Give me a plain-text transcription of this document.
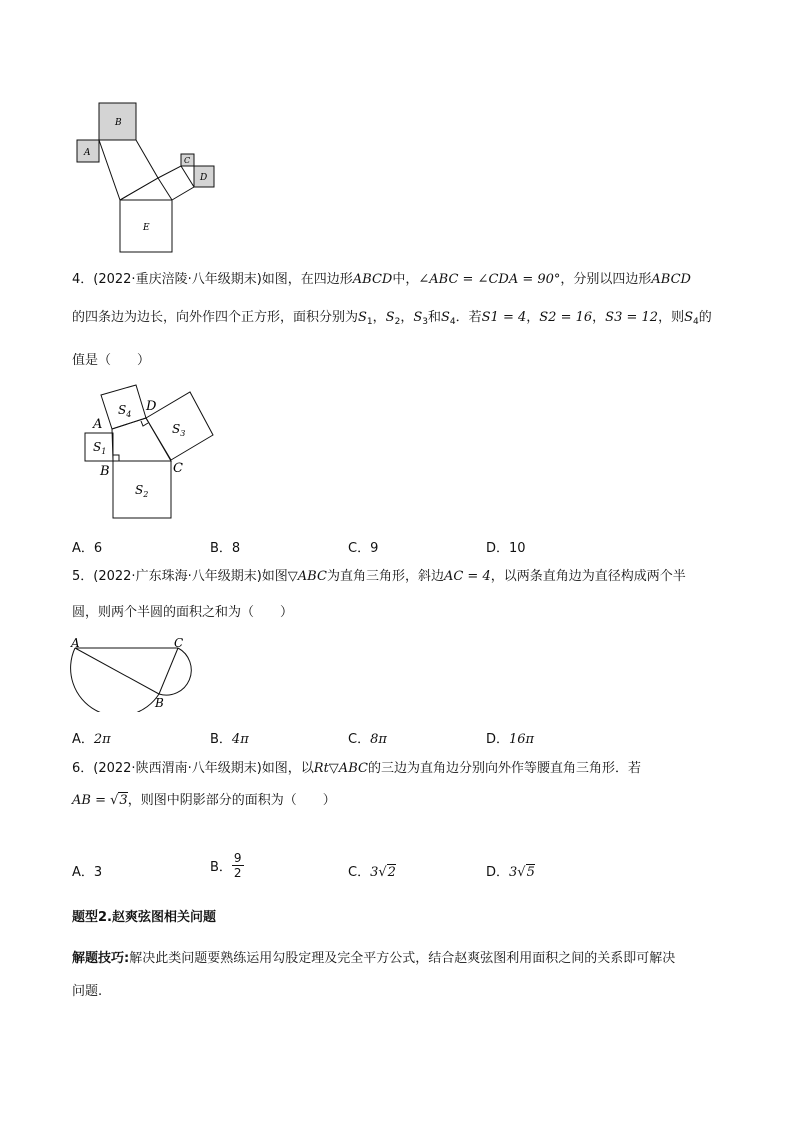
B
A
C
D
E
4．(2022·重庆涪陵·八年级期末)如图，在四边形ABCD中，∠ABC = ∠CDA = 90°，分别以四边形ABCD
的四条边为边长，向外作四个正方形，面积分别为$S_1$，$S_2$，$S_3$和$S_4$．若S1 = 4，S2 = 16，S3 = 12，则$S_4$的
值是（　　）
$S_4$
$S_3$
$S_1$
$S_2$
A
B	C
D
A．6	B．8	C．9	D．10
5．(2022·广东珠海·八年级期末)如图▽ABC为直角三角形，斜边AC = 4，以两条直角边为直径构成两个半
圆，则两个半圆的面积之和为（　　）
A	C
B
A．2π	B．4π	C．8π	D．16π
6．(2022·陕西渭南·八年级期末)如图，以Rt▽ABC的三边为直角边分别向外作等腰直角三角形．若
AB = √3，则图中阴影部分的面积为（　　）
A．3	B． $\frac{9}{2}$	C．3√2	D．3√5
题型2.赵爽弦图相关问题
解题技巧:解决此类问题要熟练运用勾股定理及完全平方公式，结合赵爽弦图利用面积之间的关系即可解决
问题.
